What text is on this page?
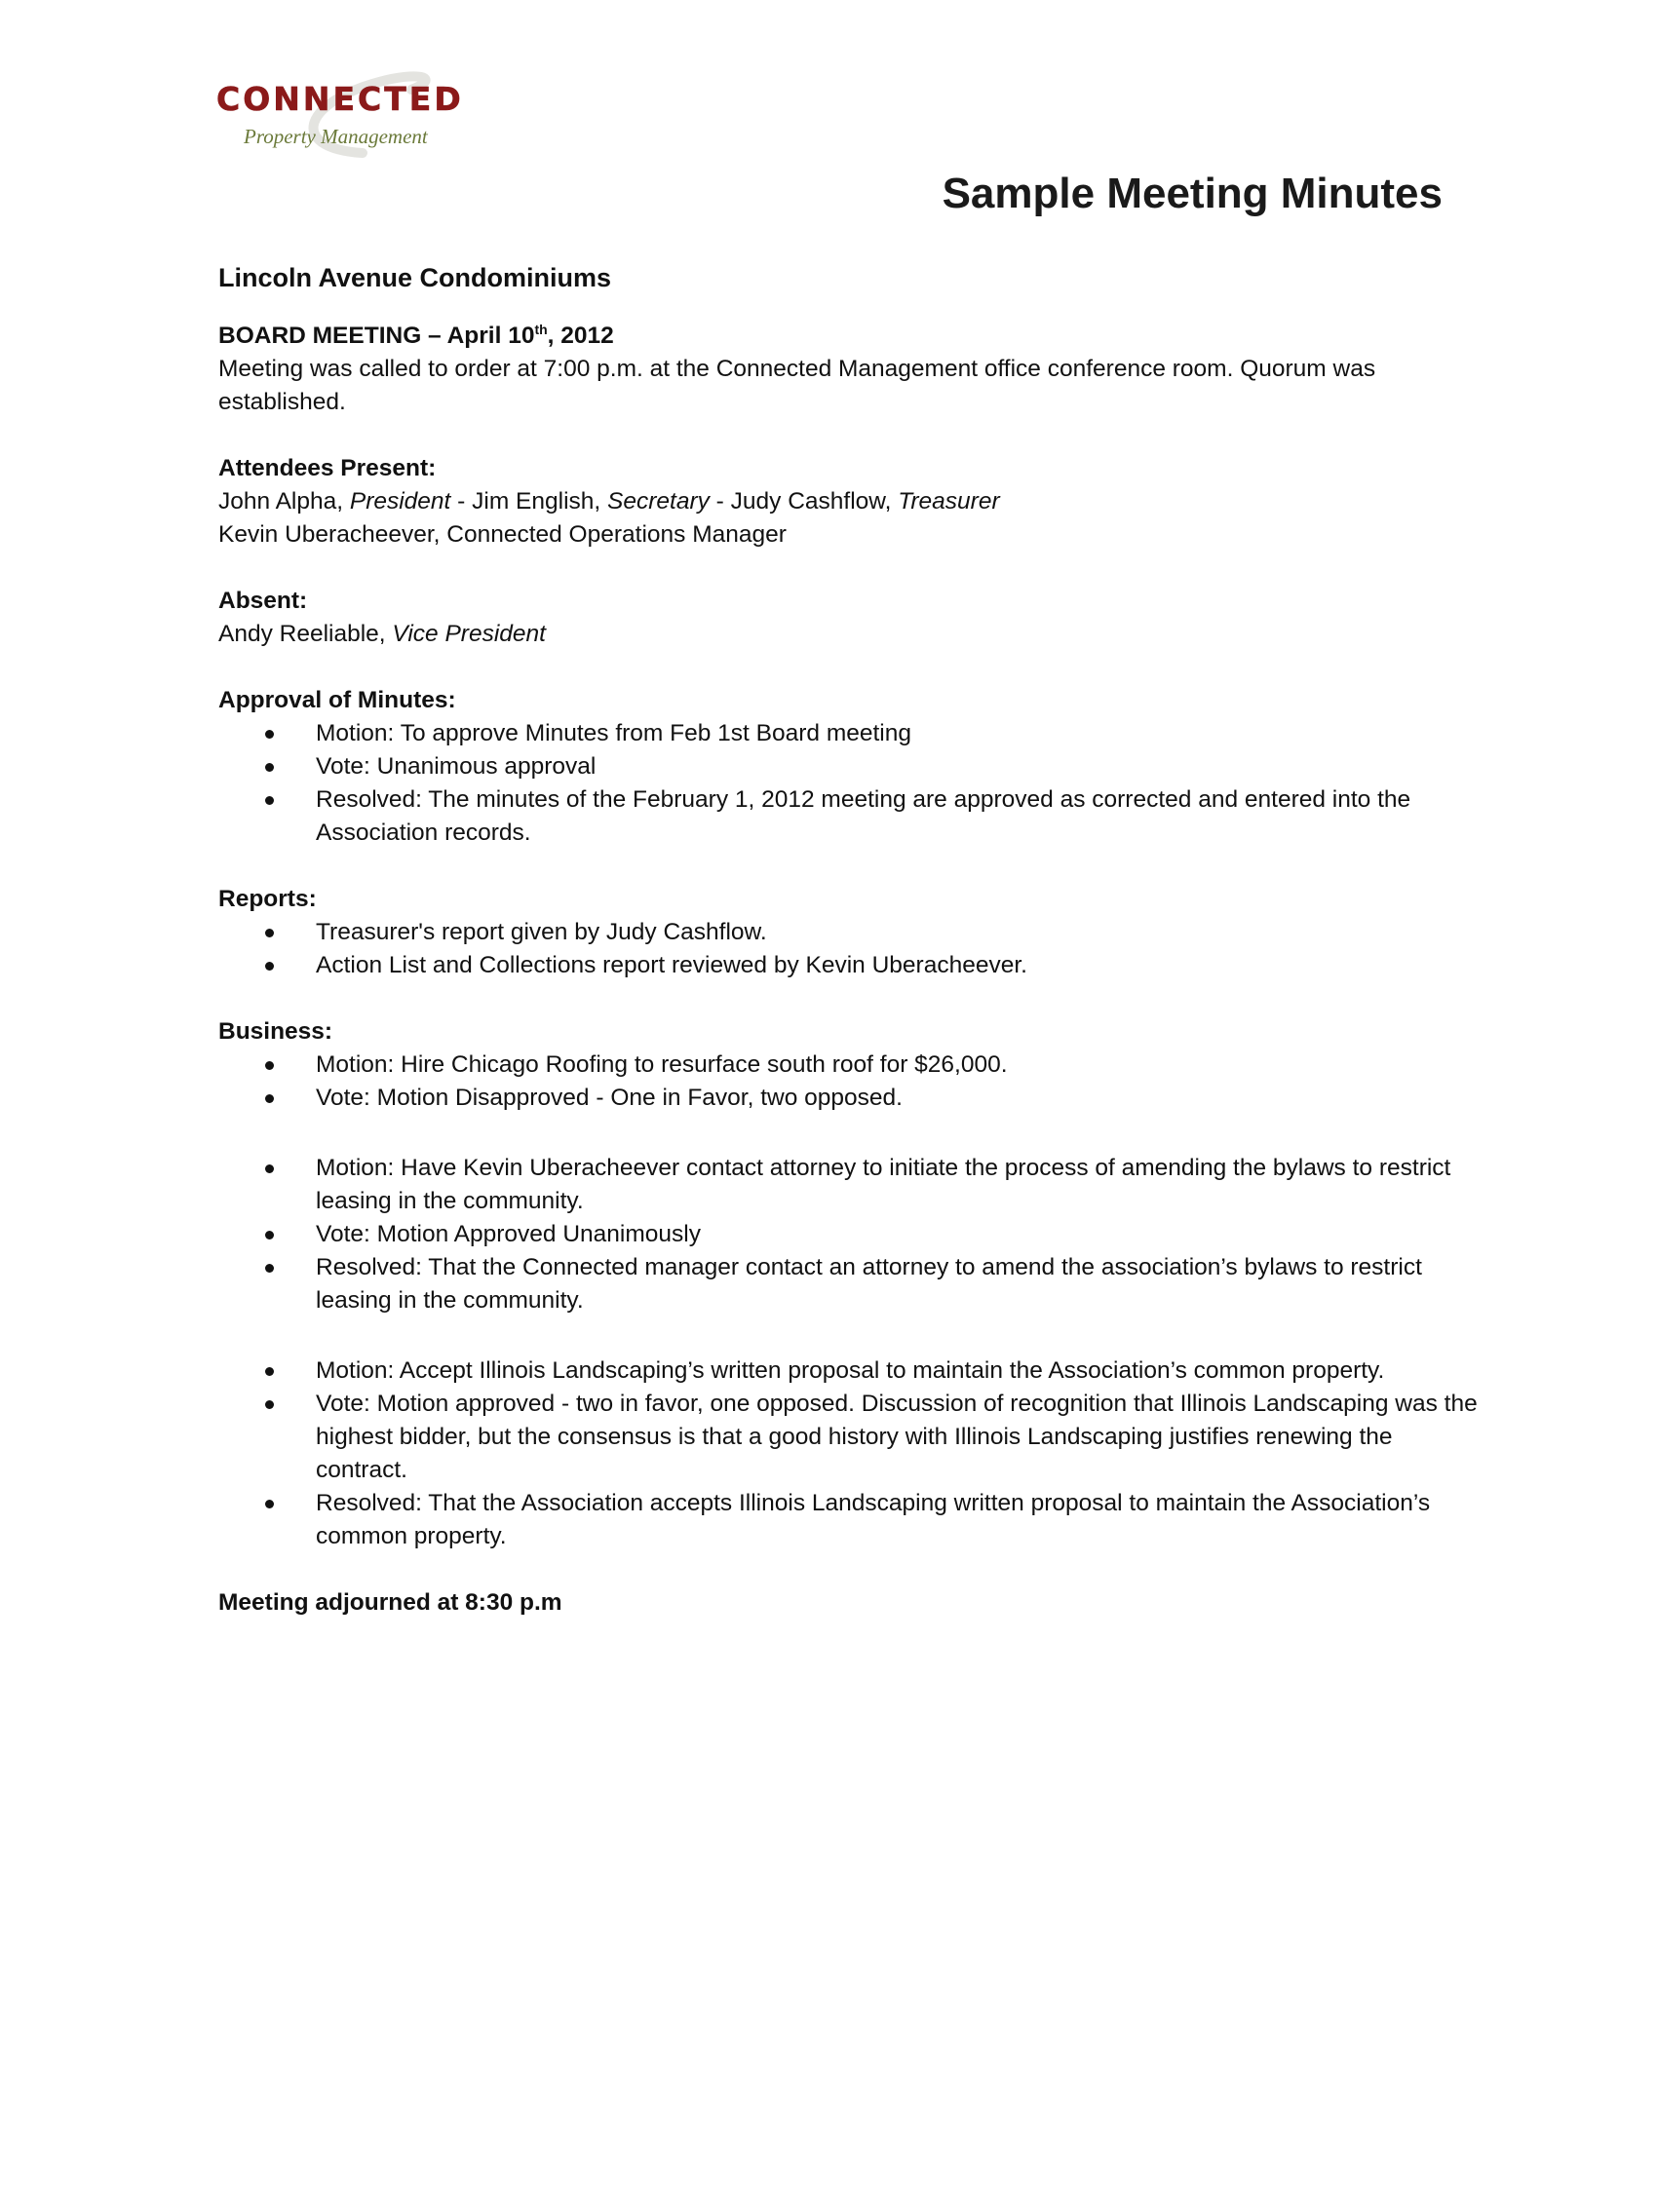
CONNECTED
Property Management
Sample Meeting Minutes

Lincoln Avenue Condominiums

BOARD MEETING – April 10th, 2012

Meeting was called to order at 7:00 p.m. at the Connected Management office conference room. Quorum was established.

Attendees Present:

John Alpha, President - Jim English, Secretary - Judy Cashflow, Treasurer

Kevin Uberacheever, Connected Operations Manager

Absent:

Andy Reeliable, Vice President

Approval of Minutes:

Motion: To approve Minutes from Feb 1st Board meeting
Vote: Unanimous approval
Resolved: The minutes of the February 1, 2012 meeting are approved as corrected and entered into the Association records.

Reports:

Treasurer's report given by Judy Cashflow.
Action List and Collections report reviewed by Kevin Uberacheever.

Business:

Motion: Hire Chicago Roofing to resurface south roof for $26,000.
Vote: Motion Disapproved - One in Favor, two opposed.
Motion: Have Kevin Uberacheever contact attorney to initiate the process of amending the bylaws to restrict leasing in the community.
Vote: Motion Approved Unanimously
Resolved: That the Connected manager contact an attorney to amend the association’s bylaws to restrict leasing in the community.
Motion: Accept Illinois Landscaping’s written proposal to maintain the Association’s common property.
Vote: Motion approved - two in favor, one opposed. Discussion of recognition that Illinois Landscaping was the highest bidder, but the consensus is that a good history with Illinois Landscaping justifies renewing the contract.
Resolved: That the Association accepts Illinois Landscaping written proposal to maintain the Association’s common property.

Meeting adjourned at 8:30 p.m
